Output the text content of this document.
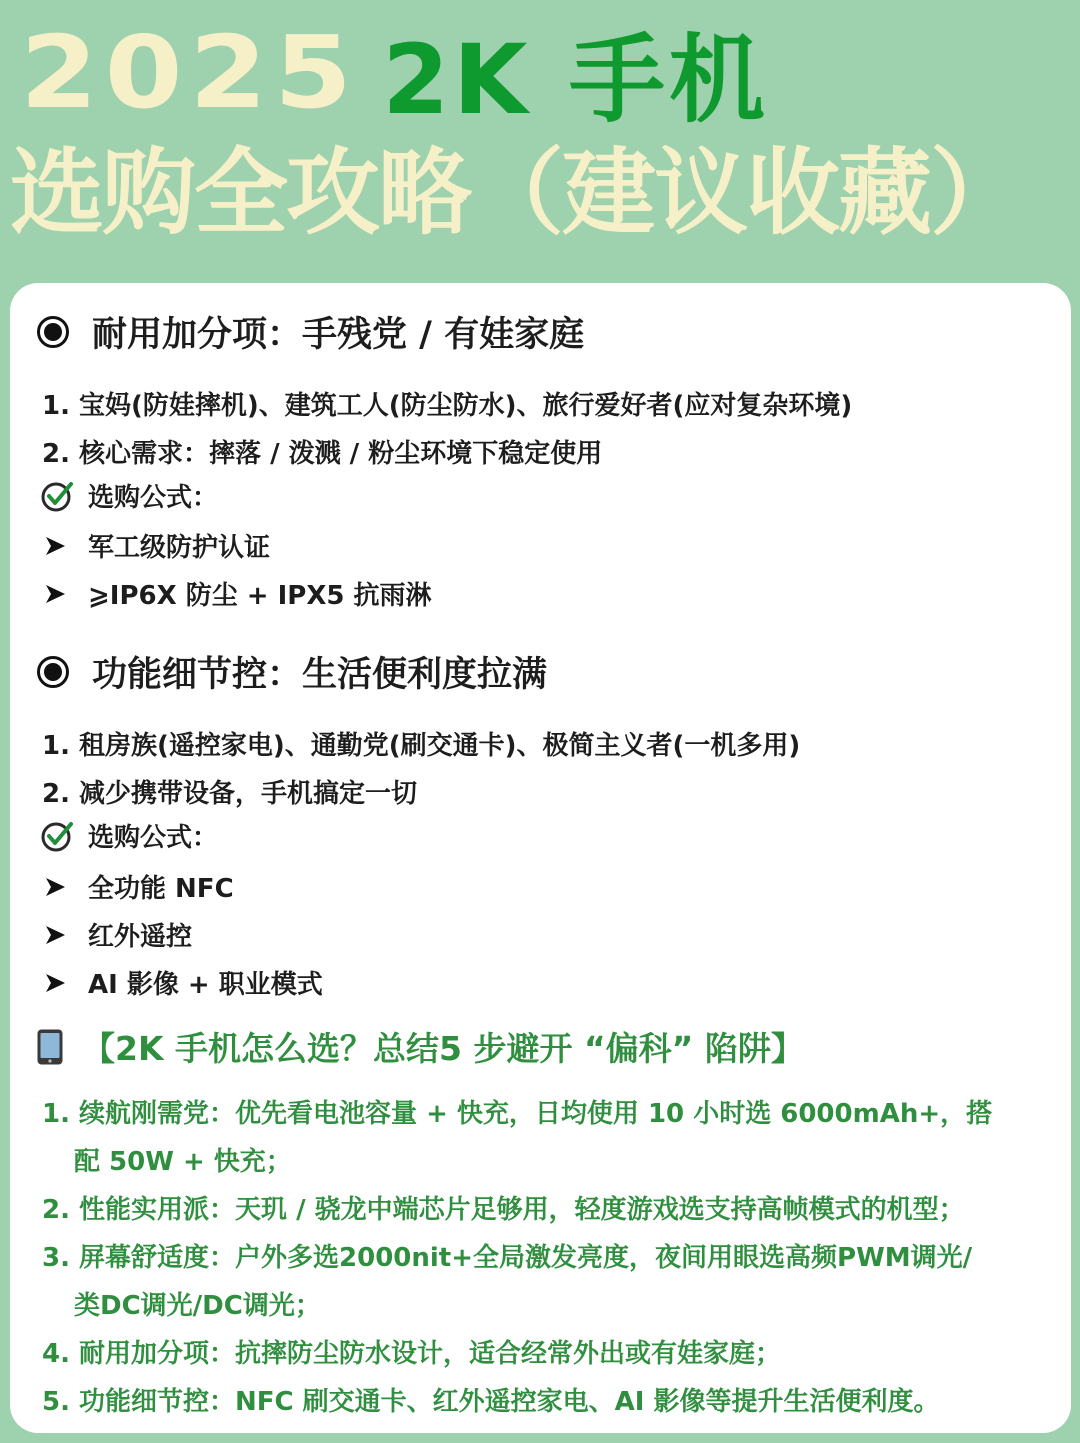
2025 2K 手机
选购全攻略（建议收藏）
耐用加分项：手残党 / 有娃家庭
1. 宝妈(防娃摔机)、建筑工人(防尘防水)、旅行爱好者(应对复杂环境)
2. 核心需求：摔落 / 泼溅 / 粉尘环境下稳定使用
选购公式：
军工级防护认证
⩾IP6X 防尘 + IPX5 抗雨淋
功能细节控：生活便利度拉满
1. 租房族(遥控家电)、通勤党(刷交通卡)、极简主义者(一机多用)
2. 减少携带设备，手机搞定一切
选购公式：
全功能 NFC
红外遥控
AI 影像 + 职业模式
【2K 手机怎么选？总结5 步避开 “偏科” 陷阱】
1. 续航刚需党：优先看电池容量 + 快充，日均使用 10 小时选 6000mAh+，搭
配 50W + 快充；
2. 性能实用派：天玑 / 骁龙中端芯片足够用，轻度游戏选支持高帧模式的机型；
3. 屏幕舒适度：户外多选2000nit+全局激发亮度，夜间用眼选高频PWM调光/
类DC调光/DC调光；
4. 耐用加分项：抗摔防尘防水设计，适合经常外出或有娃家庭；
5. 功能细节控：NFC 刷交通卡、红外遥控家电、AI 影像等提升生活便利度。
